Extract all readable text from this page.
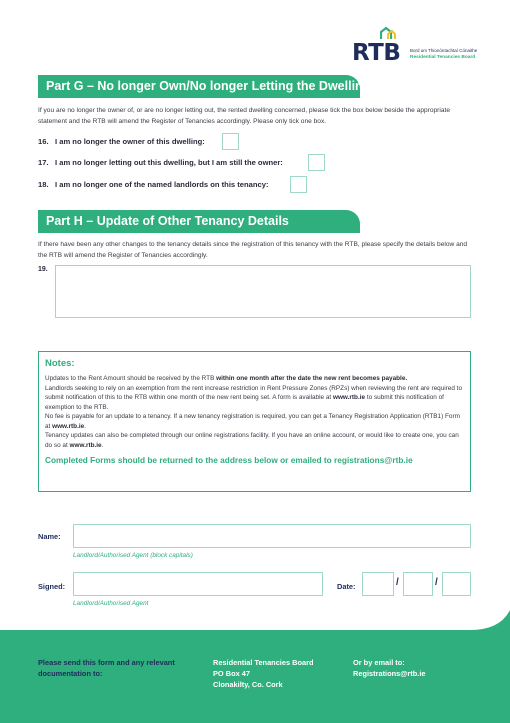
RTB Bord um Thionóntachtaí Cónaithe
Residential Tenancies Board
Part G – No longer Own/No longer Letting the Dwelling
If you are no longer the owner of, or are no longer letting out, the rented dwelling concerned, please tick the box below beside the appropriate statement and the RTB will amend the Register of Tenancies accordingly. Please only tick one box.
16. I am no longer the owner of this dwelling:
17. I am no longer letting out this dwelling, but I am still the owner:
18. I am no longer one of the named landlords on this tenancy:
Part H – Update of Other Tenancy Details
If there have been any other changes to the tenancy details since the registration of this tenancy with the RTB, please specify the details below and the RTB will amend the Register of Tenancies accordingly.
19.
Notes:

Updates to the Rent Amount should be received by the RTB within one month after the date the new rent becomes payable.

Landlords seeking to rely on an exemption from the rent increase restriction in Rent Pressure Zones (RPZs) when reviewing the rent are required to submit notification of this to the RTB within one month of the new rent being set. A form is available at www.rtb.ie to submit this notification of exemption to the RTB.

No fee is payable for an update to a tenancy. If a new tenancy registration is required, you can get a Tenancy Registration Application (RTB1) Form at www.rtb.ie.

Tenancy updates can also be completed through our online registrations facility. If you have an online account, or would like to create one, you can do so at www.rtb.ie.

Completed Forms should be returned to the address below or emailed to registrations@rtb.ie
Name:
Landlord/Authorised Agent (block capitals)
Signed:
Landlord/Authorised Agent
Date:	/	/
Please send this form and any relevant
documentation to:
Residential Tenancies Board
PO Box 47
Clonakilty, Co. Cork
Or by email to:
Registrations@rtb.ie
